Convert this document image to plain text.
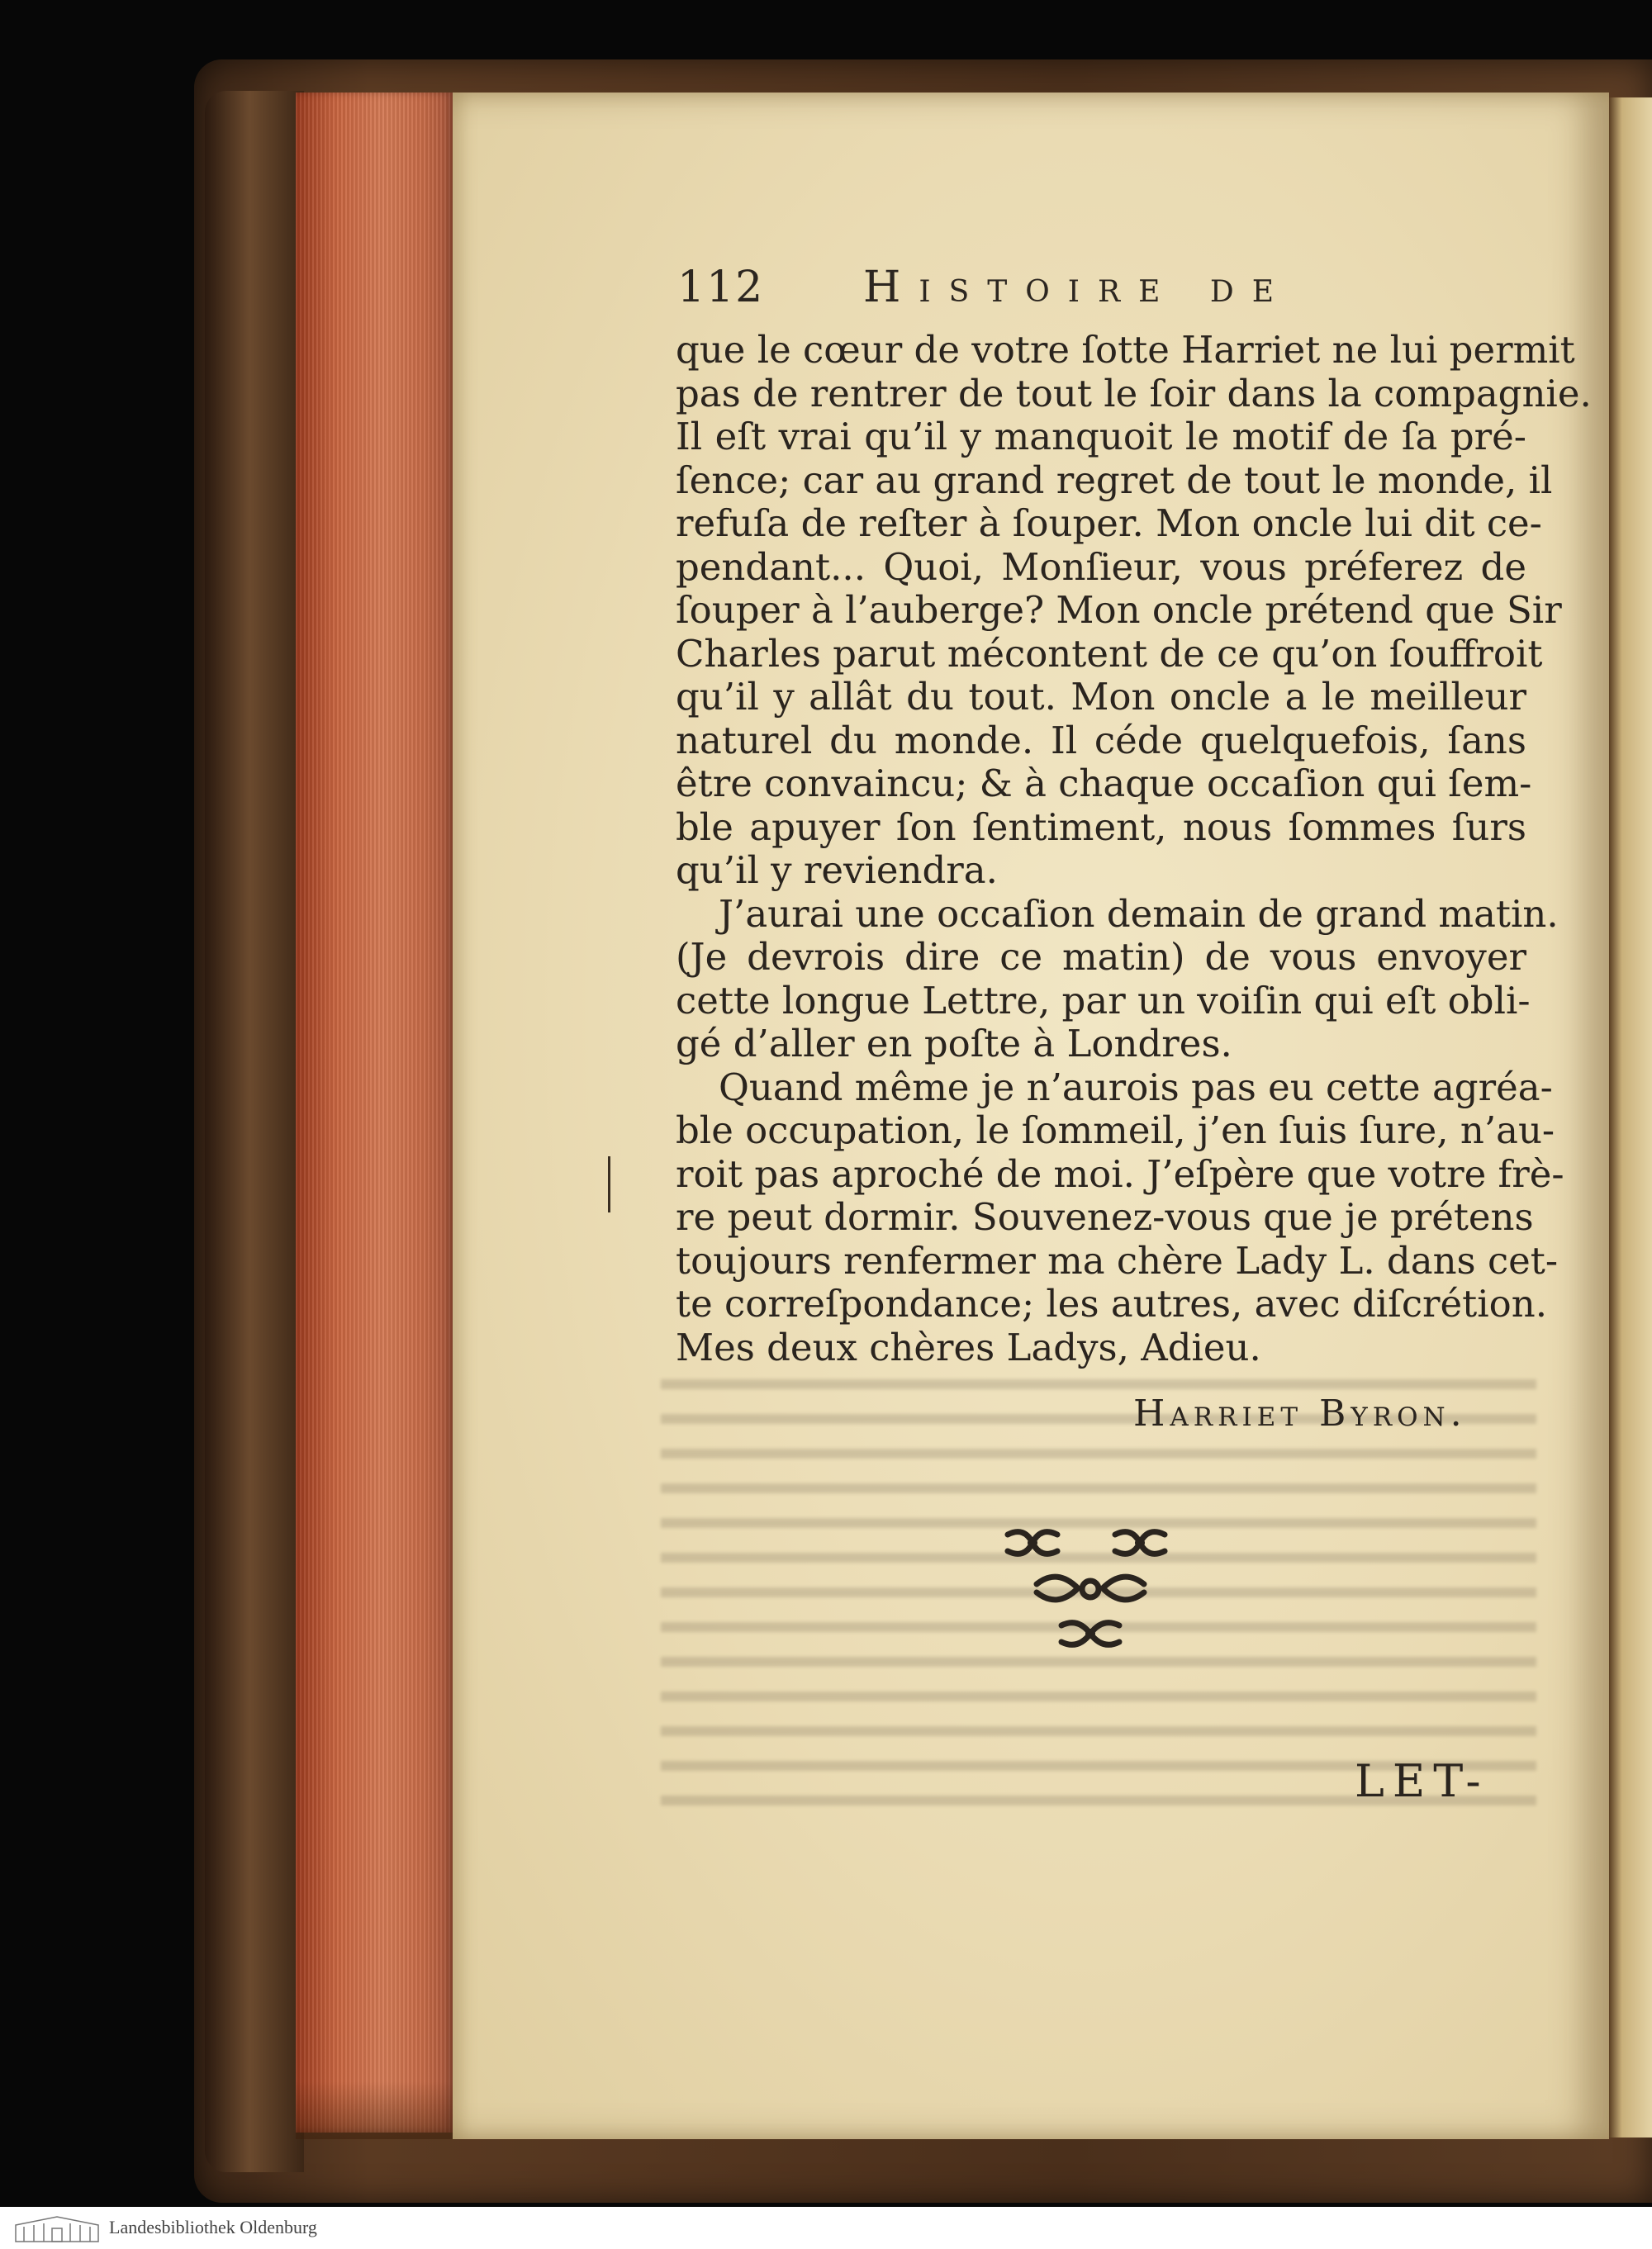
112 Histoire de
que le cœur de votre ſotte Harriet ne lui permit
pas de rentrer de tout le ſoir dans la compagnie.
Il eſt vrai qu’il y manquoit le motif de ſa pré-
ſence; car au grand regret de tout le monde, il
refuſa de reſter à ſouper. Mon oncle lui dit ce-
pendant... Quoi, Monſieur, vous préferez de
ſouper à l’auberge? Mon oncle prétend que Sir
Charles parut mécontent de ce qu’on ſouffroit
qu’il y allât du tout. Mon oncle a le meilleur
naturel du monde. Il céde quelquefois, ſans
être convaincu; & à chaque occaſion qui ſem-
ble apuyer ſon ſentiment, nous ſommes ſurs
qu’il y reviendra.
J’aurai une occaſion demain de grand matin.
(Je devrois dire ce matin) de vous envoyer
cette longue Lettre, par un voiſin qui eſt obli-
gé d’aller en poſte à Londres.
Quand même je n’aurois pas eu cette agréa-
ble occupation, le ſommeil, j’en ſuis ſure, n’au-
roit pas aproché de moi. J’eſpère que votre frè-
re peut dormir. Souvenez-vous que je prétens
toujours renfermer ma chère Lady L. dans cet-
te correſpondance; les autres, avec diſcrétion.
Mes deux chères Ladys, Adieu.
Harriet Byron.
LET-
Landesbibliothek Oldenburg
